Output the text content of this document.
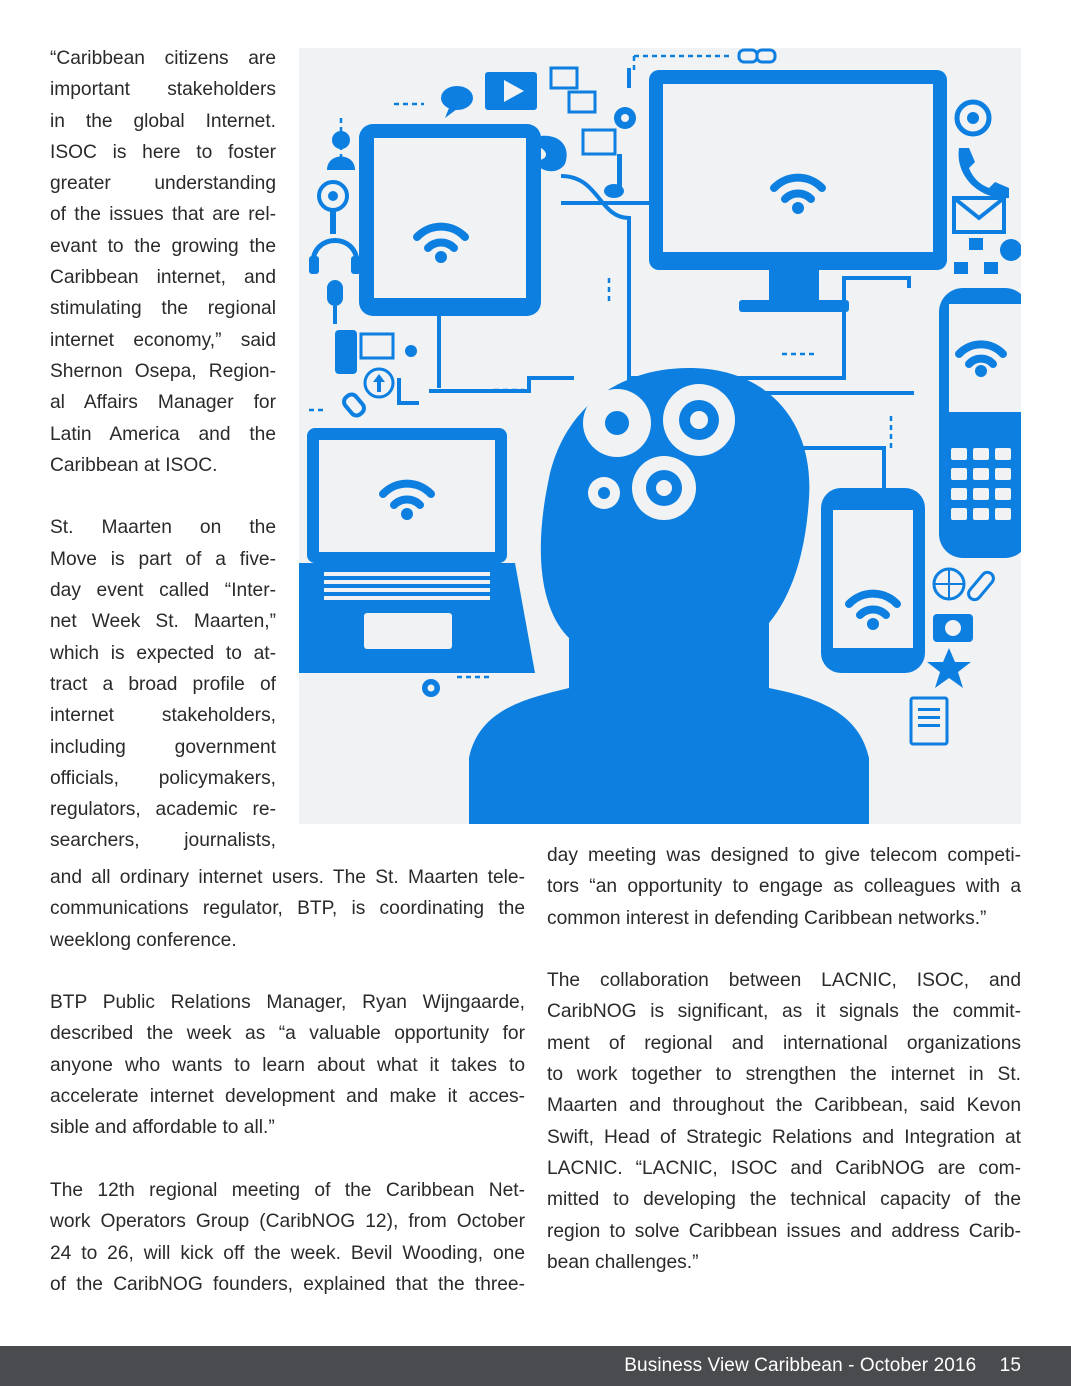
“Caribbean citizens are
important stakeholders
in the global Internet.
ISOC is here to foster
greater understanding
of the issues that are rel-
evant to the growing the
Caribbean internet, and
stimulating the regional
internet economy,” said
Shernon Osepa, Region-
al Affairs Manager for
Latin America and the
Caribbean at ISOC.
St. Maarten on the
Move is part of a five-
day event called “Inter-
net Week St. Maarten,”
which is expected to at-
tract a broad profile of
internet stakeholders,
including government
officials, policymakers,
regulators, academic re-
searchers, journalists,
and all ordinary internet users. The St. Maarten tele-
communications regulator, BTP, is coordinating the
weeklong conference.
BTP Public Relations Manager, Ryan Wijngaarde,
described the week as “a valuable opportunity for
anyone who wants to learn about what it takes to
accelerate internet development and make it acces-
sible and affordable to all.”
The 12th regional meeting of the Caribbean Net-
work Operators Group (CaribNOG 12), from October
24 to 26, will kick off the week. Bevil Wooding, one
of the CaribNOG founders, explained that the three-
day meeting was designed to give telecom competi-
tors “an opportunity to engage as colleagues with a
common interest in defending Caribbean networks.”
The collaboration between LACNIC, ISOC, and
CaribNOG is significant, as it signals the commit-
ment of regional and international organizations
to work together to strengthen the internet in St.
Maarten and throughout the Caribbean, said Kevon
Swift, Head of Strategic Relations and Integration at
LACNIC. “LACNIC, ISOC and CaribNOG are com-
mitted to developing the technical capacity of the
region to solve Caribbean issues and address Carib-
bean challenges.”
Business View Caribbean - October 2016 15
